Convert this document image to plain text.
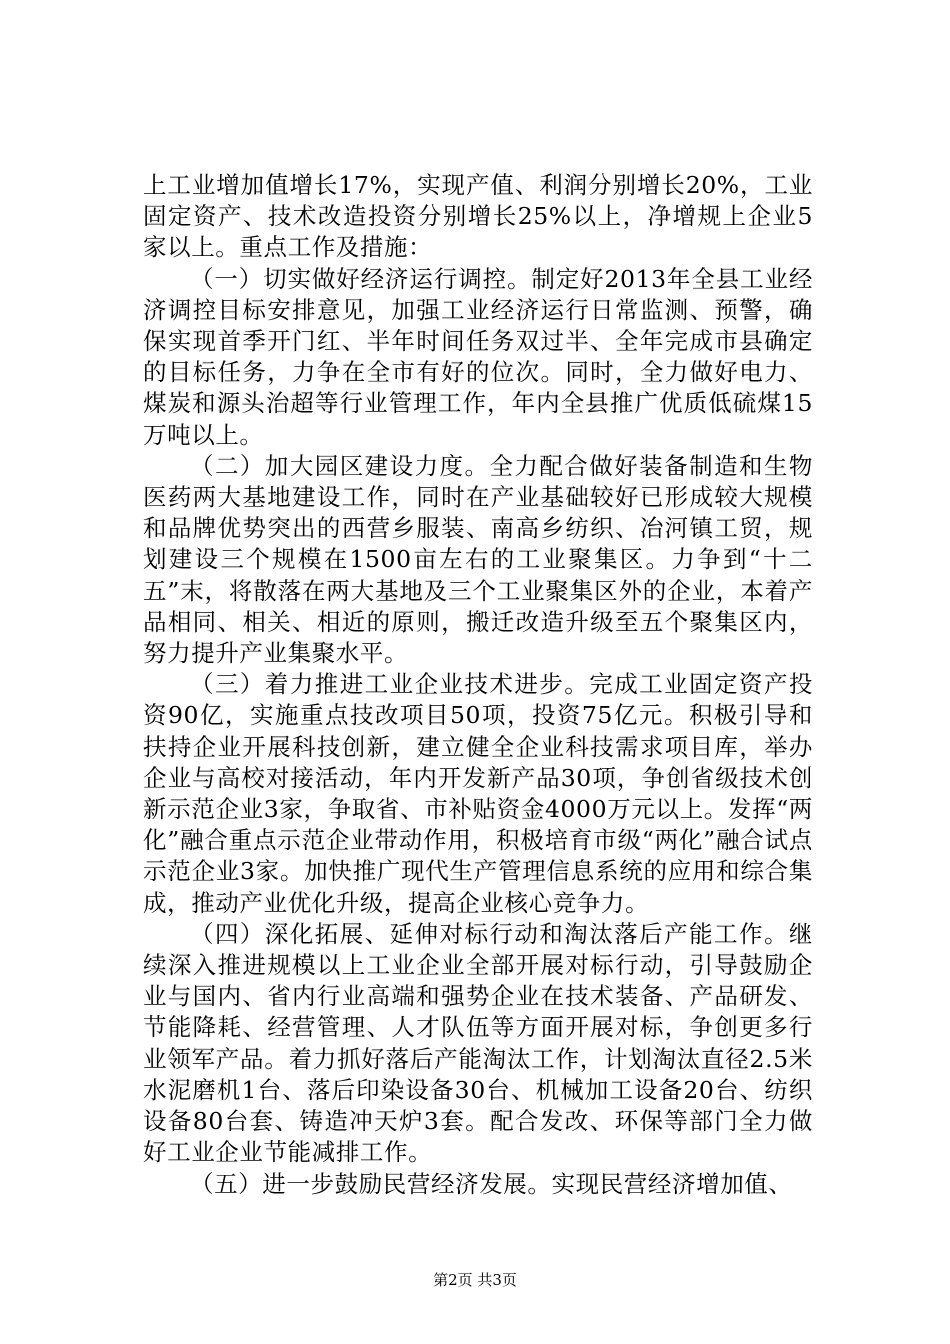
上工业增加值增长17%，实现产值、利润分别增长20%，工业固定资产、技术改造投资分别增长25%以上，净增规上企业5家以上。重点工作及措施：

（一）切实做好经济运行调控。制定好2013年全县工业经济调控目标安排意见，加强工业经济运行日常监测、预警，确保实现首季开门红、半年时间任务双过半、全年完成市县确定的目标任务，力争在全市有好的位次。同时，全力做好电力、煤炭和源头治超等行业管理工作，年内全县推广优质低硫煤15万吨以上。

（二）加大园区建设力度。全力配合做好装备制造和生物医药两大基地建设工作，同时在产业基础较好已形成较大规模和品牌优势突出的西营乡服装、南高乡纺织、冶河镇工贸，规划建设三个规模在1500亩左右的工业聚集区。力争到“十二五”末，将散落在两大基地及三个工业聚集区外的企业，本着产品相同、相关、相近的原则，搬迁改造升级至五个聚集区内，努力提升产业集聚水平。

（三）着力推进工业企业技术进步。完成工业固定资产投资90亿，实施重点技改项目50项，投资75亿元。积极引导和扶持企业开展科技创新，建立健全企业科技需求项目库，举办企业与高校对接活动，年内开发新产品30项，争创省级技术创新示范企业3家，争取省、市补贴资金4000万元以上。发挥“两化”融合重点示范企业带动作用，积极培育市级“两化”融合试点示范企业3家。加快推广现代生产管理信息系统的应用和综合集成，推动产业优化升级，提高企业核心竞争力。

（四）深化拓展、延伸对标行动和淘汰落后产能工作。继续深入推进规模以上工业企业全部开展对标行动，引导鼓励企业与国内、省内行业高端和强势企业在技术装备、产品研发、节能降耗、经营管理、人才队伍等方面开展对标，争创更多行业领军产品。着力抓好落后产能淘汰工作，计划淘汰直径2.5米水泥磨机1台、落后印染设备30台、机械加工设备20台、纺织设备80台套、铸造冲天炉3套。配合发改、环保等部门全力做好工业企业节能减排工作。

（五）进一步鼓励民营经济发展。实现民营经济增加值、

第2页 共3页
